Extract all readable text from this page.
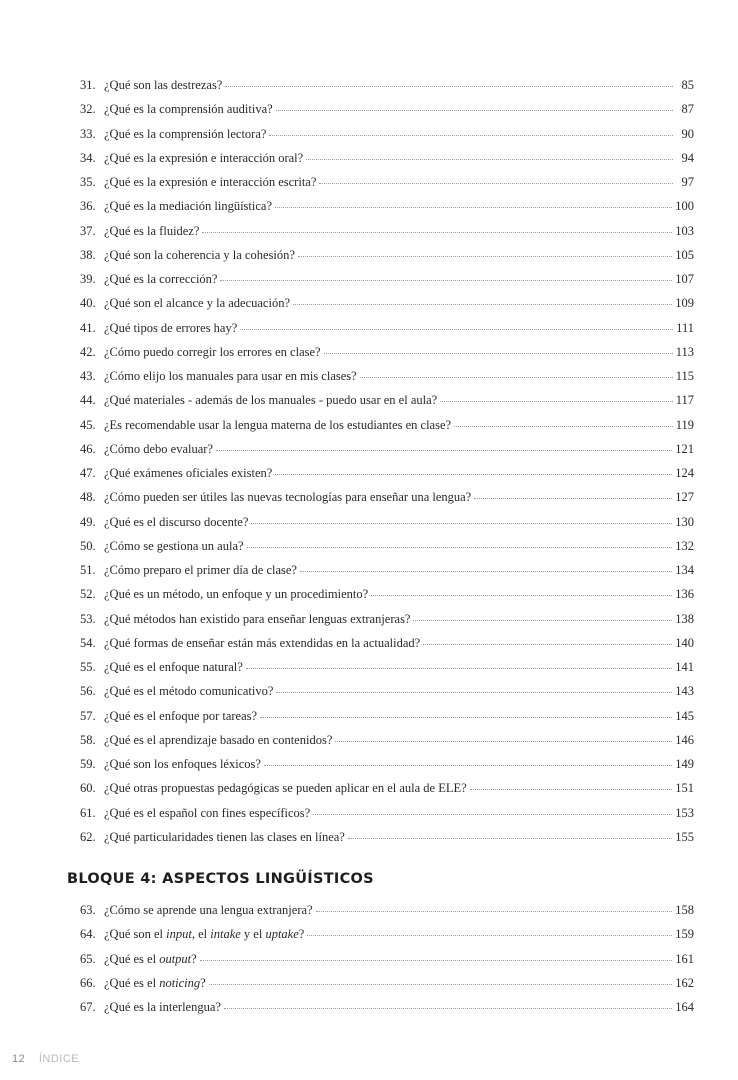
31. ¿Qué son las destrezas?	85
32. ¿Qué es la comprensión auditiva?	87
33. ¿Qué es la comprensión lectora?	90
34. ¿Qué es la expresión e interacción oral?	94
35. ¿Qué es la expresión e interacción escrita?	97
36. ¿Qué es la mediación lingüística?	100
37. ¿Qué es la fluidez?	103
38. ¿Qué son la coherencia y la cohesión?	105
39. ¿Qué es la corrección?	107
40. ¿Qué son el alcance y la adecuación?	109
41. ¿Qué tipos de errores hay?	111
42. ¿Cómo puedo corregir los errores en clase?	113
43. ¿Cómo elijo los manuales para usar en mis clases?	115
44. ¿Qué materiales - además de los manuales - puedo usar en el aula?	117
45. ¿Es recomendable usar la lengua materna de los estudiantes en clase?	119
46. ¿Cómo debo evaluar?	121
47. ¿Qué exámenes oficiales existen?	124
48. ¿Cómo pueden ser útiles las nuevas tecnologías para enseñar una lengua?	127
49. ¿Qué es el discurso docente?	130
50. ¿Cómo se gestiona un aula?	132
51. ¿Cómo preparo el primer día de clase?	134
52. ¿Qué es un método, un enfoque y un procedimiento?	136
53. ¿Qué métodos han existido para enseñar lenguas extranjeras?	138
54. ¿Qué formas de enseñar están más extendidas en la actualidad?	140
55. ¿Qué es el enfoque natural?	141
56. ¿Qué es el método comunicativo?	143
57. ¿Qué es el enfoque por tareas?	145
58. ¿Qué es el aprendizaje basado en contenidos?	146
59. ¿Qué son los enfoques léxicos?	149
60. ¿Qué otras propuestas pedagógicas se pueden aplicar en el aula de ELE?	151
61. ¿Qué es el español con fines específicos?	153
62. ¿Qué particularidades tienen las clases en línea?	155
BLOQUE 4: ASPECTOS LINGÜÍSTICOS
63. ¿Cómo se aprende una lengua extranjera?	158
64. ¿Qué son el input, el intake y el uptake?	159
65. ¿Qué es el output?	161
66. ¿Qué es el noticing?	162
67. ¿Qué es la interlengua?	164
12 ÍNDICE
